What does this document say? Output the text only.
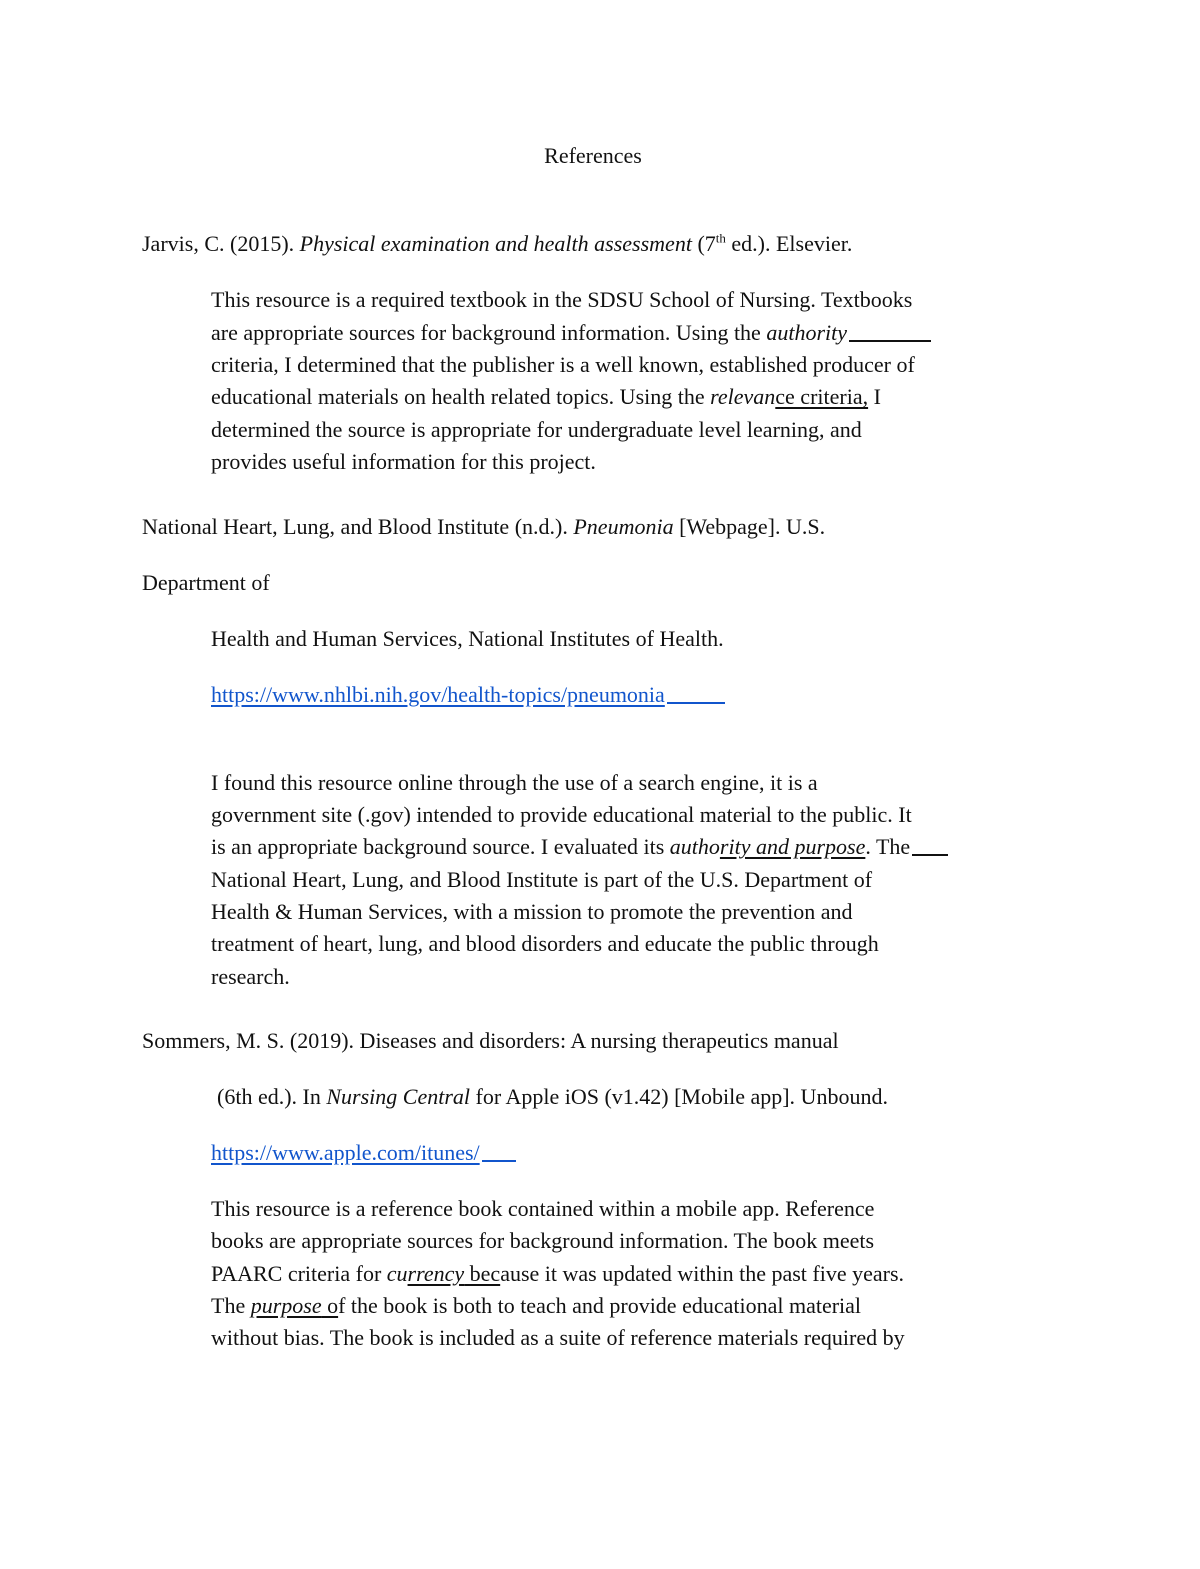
References
Jarvis, C. (2015). Physical examination and health assessment (7th ed.). Elsevier.
This resource is a required textbook in the SDSU School of Nursing. Textbooks
are appropriate sources for background information. Using the authority
criteria, I determined that the publisher is a well known, established producer of
educational materials on health related topics. Using the relevance criteria, I
determined the source is appropriate for undergraduate level learning, and
provides useful information for this project.
National Heart, Lung, and Blood Institute (n.d.). Pneumonia [Webpage]. U.S.
Department of
Health and Human Services, National Institutes of Health.
https://www.nhlbi.nih.gov/health-topics/pneumonia
I found this resource online through the use of a search engine, it is a
government site (.gov) intended to provide educational material to the public. It
is an appropriate background source. I evaluated its authority and purpose. The
National Heart, Lung, and Blood Institute is part of the U.S. Department of
Health & Human Services, with a mission to promote the prevention and
treatment of heart, lung, and blood disorders and educate the public through
research.
Sommers, M. S. (2019). Diseases and disorders: A nursing therapeutics manual
(6th ed.). In Nursing Central for Apple iOS (v1.42) [Mobile app]. Unbound.
https://www.apple.com/itunes/
This resource is a reference book contained within a mobile app. Reference
books are appropriate sources for background information. The book meets
PAARC criteria for currency because it was updated within the past five years.
The purpose of the book is both to teach and provide educational material
without bias. The book is included as a suite of reference materials required by
